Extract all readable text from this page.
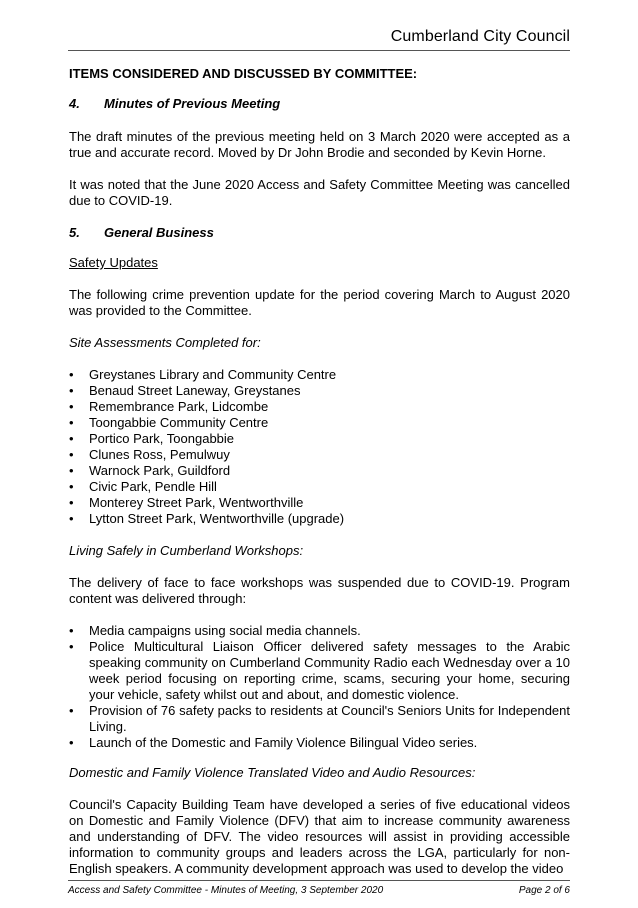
Cumberland City Council

ITEMS CONSIDERED AND DISCUSSED BY COMMITTEE:

4.	Minutes of Previous Meeting

The draft minutes of the previous meeting held on 3 March 2020 were accepted as a true and accurate record. Moved by Dr John Brodie and seconded by Kevin Horne.

It was noted that the June 2020 Access and Safety Committee Meeting was cancelled due to COVID-19.

5.	General Business

Safety Updates

The following crime prevention update for the period covering March to August 2020 was provided to the Committee.

Site Assessments Completed for:

•	Greystanes Library and Community Centre
•	Benaud Street Laneway, Greystanes
•	Remembrance Park, Lidcombe
•	Toongabbie Community Centre
•	Portico Park, Toongabbie
•	Clunes Ross, Pemulwuy
•	Warnock Park, Guildford
•	Civic Park, Pendle Hill
•	Monterey Street Park, Wentworthville
•	Lytton Street Park, Wentworthville (upgrade)

Living Safely in Cumberland Workshops:

The delivery of face to face workshops was suspended due to COVID-19. Program content was delivered through:

•	Media campaigns using social media channels.
•	Police Multicultural Liaison Officer delivered safety messages to the Arabic speaking community on Cumberland Community Radio each Wednesday over a 10 week period focusing on reporting crime, scams, securing your home, securing your vehicle, safety whilst out and about, and domestic violence.
•	Provision of 76 safety packs to residents at Council's Seniors Units for Independent Living.
•	Launch of the Domestic and Family Violence Bilingual Video series.

Domestic and Family Violence Translated Video and Audio Resources:

Council's Capacity Building Team have developed a series of five educational videos on Domestic and Family Violence (DFV) that aim to increase community awareness and understanding of DFV. The video resources will assist in providing accessible information to community groups and leaders across the LGA, particularly for non-English speakers. A community development approach was used to develop the video

Access and Safety Committee - Minutes of Meeting, 3 September 2020	Page 2 of 6
